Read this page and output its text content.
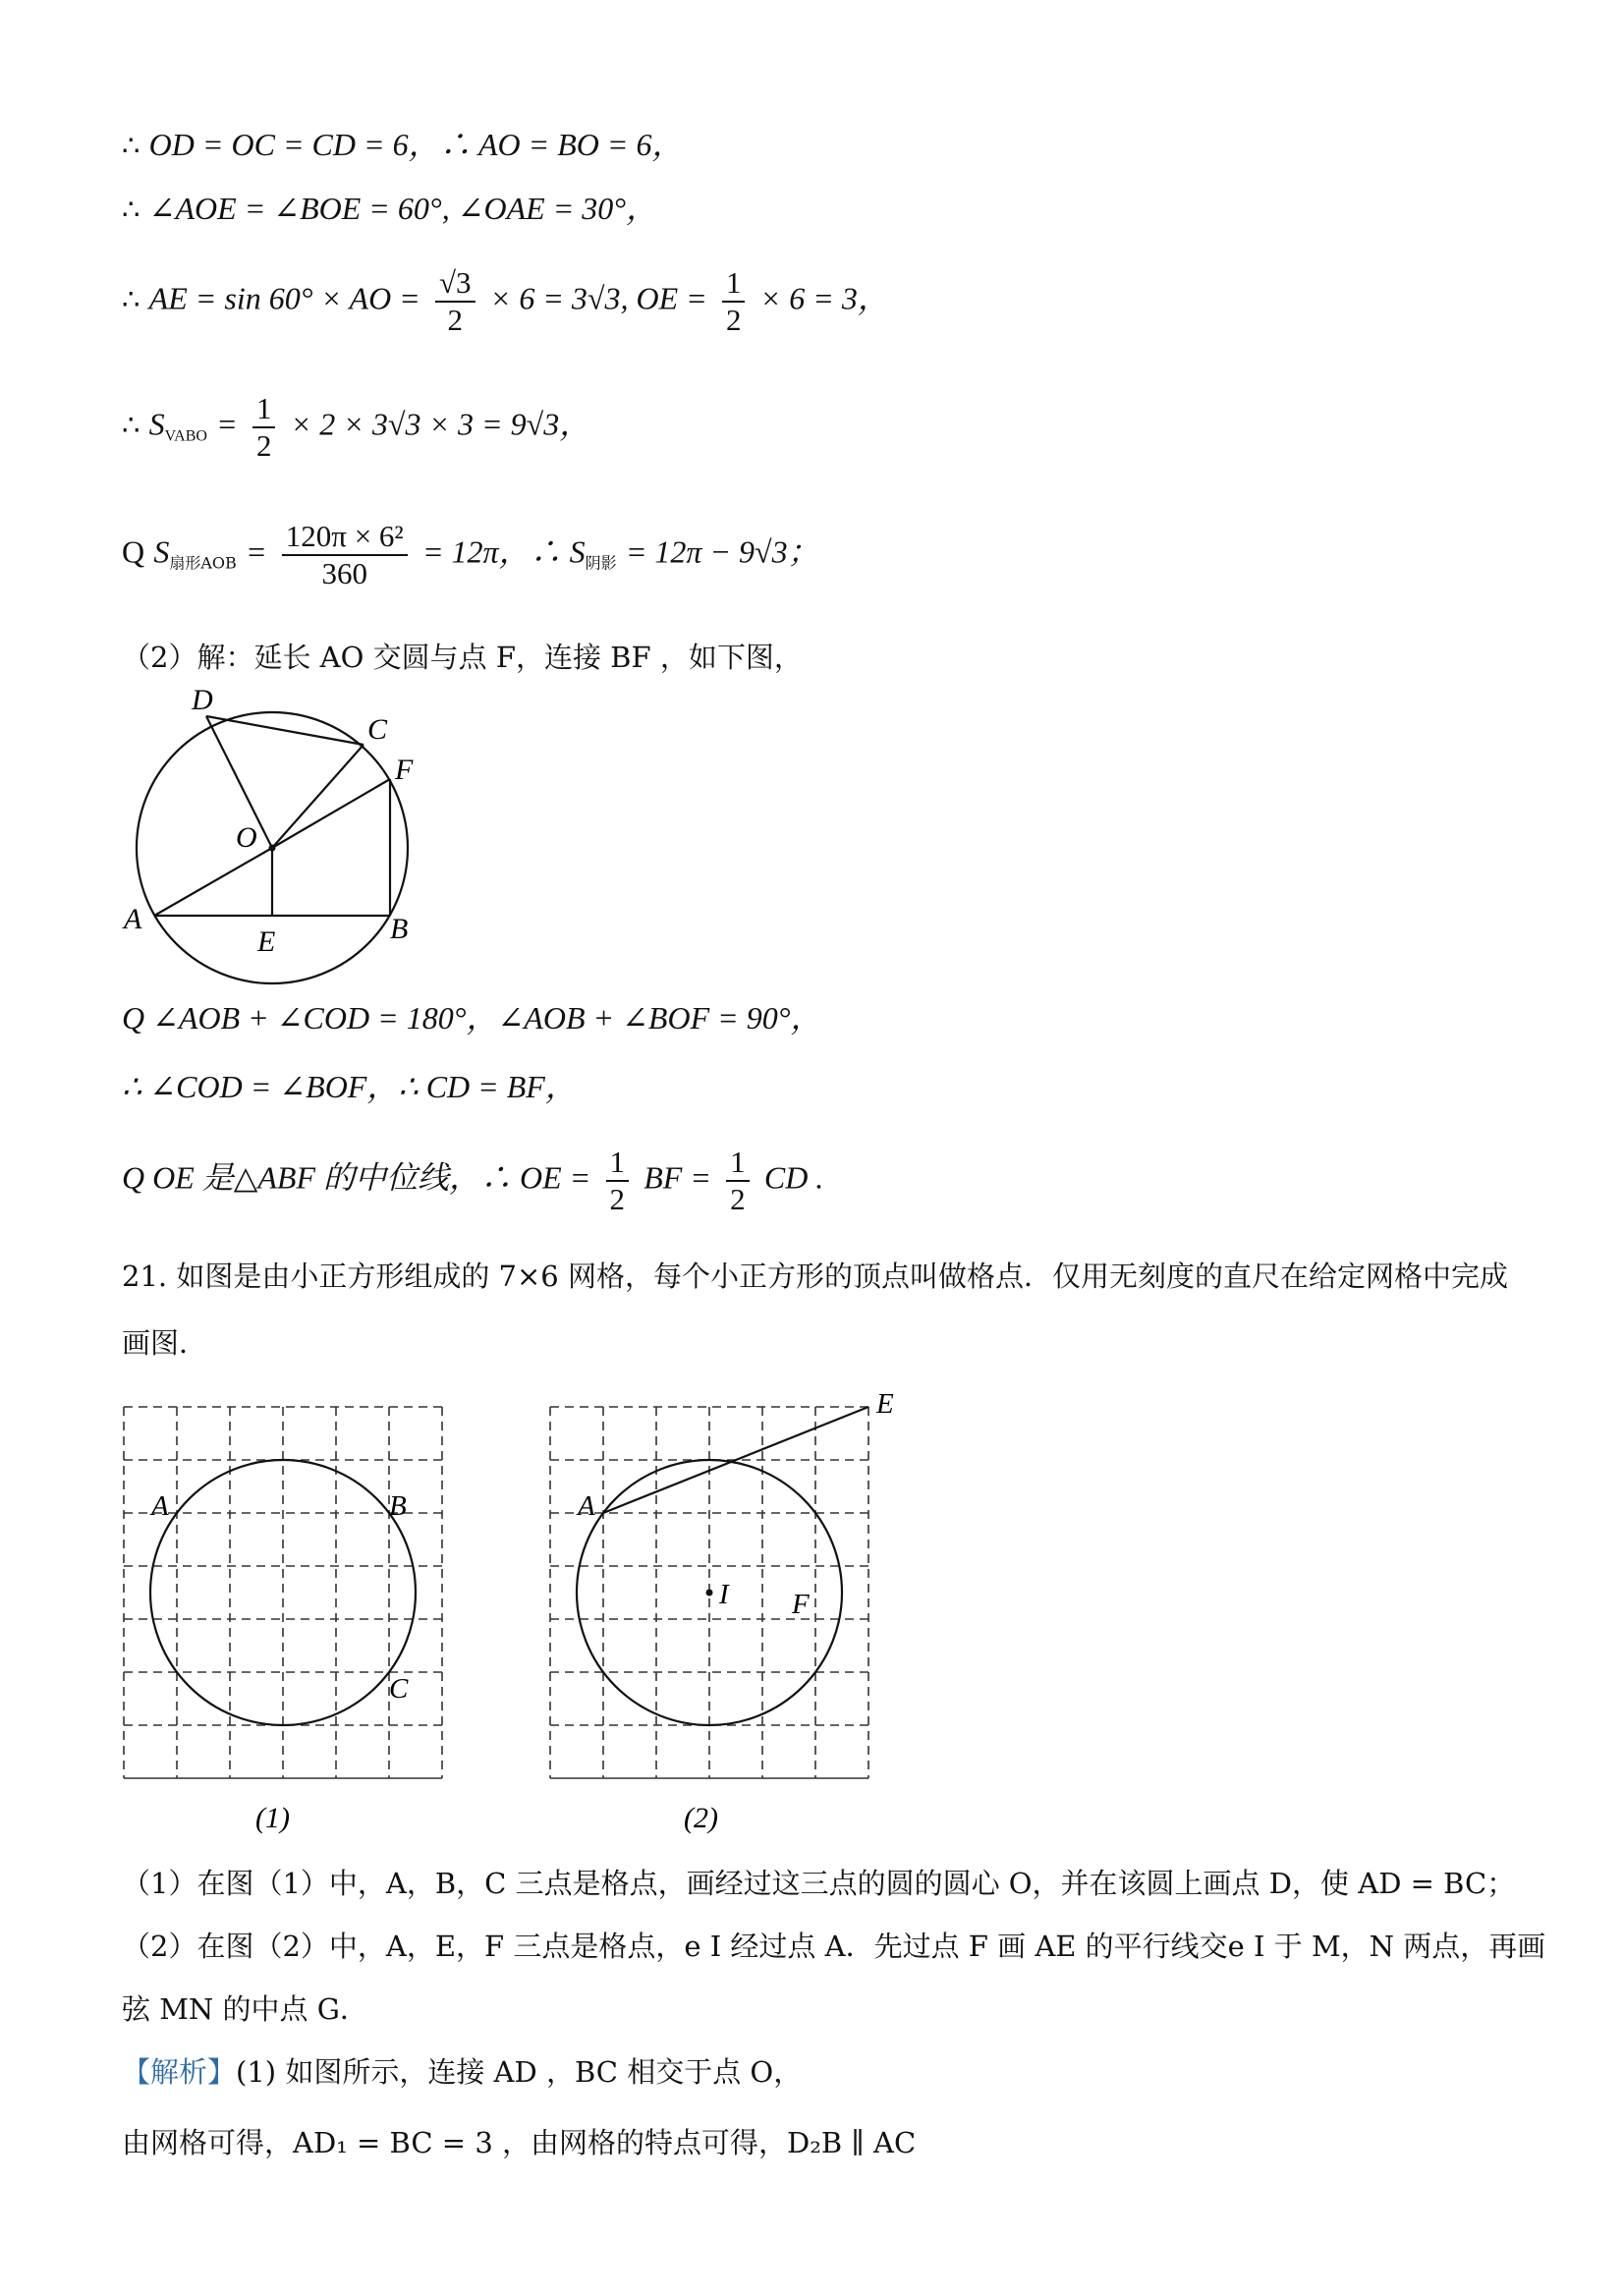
∴ OD = OC = CD = 6，∴ AO = BO = 6，
∴ ∠AOE = ∠BOE = 60°, ∠OAE = 30°，
∴ AE = sin 60° × AO = $\frac{√3}{2} \times 6 = 3√3$, OE = $\frac{1}{2} \times 6 = 3$，
∴ $S_{VABO} = \frac{1}{2} \times 2 \times 3√3 \times 3 = 9√3$，
Q $S_{扇形AOB} = \frac{\text{120π × 6²}}{360} = 12\pi$，∴ $S_{阴影} = 12\pi - 9√3$；
（2）解：延长 AO 交圆与点 F，连接 BF ，如下图，
D
C
F
O
A
E	B
Q ∠AOB + ∠COD = 180°，∠AOB + ∠BOF = 90°，
∴ ∠COD = ∠BOF，∴ CD = BF，
Q OE 是△ABF 的中位线，∴ OE = $\frac{1}{2}$ BF = $\frac{1}{2}$ CD .
21. 如图是由小正方形组成的 7×6 网格，每个小正方形的顶点叫做格点．仅用无刻度的直尺在给定网格中完成
画图．
A	B
C
(1)
E
A
I F
(2)
（1）在图（1）中，A，B，C 三点是格点，画经过这三点的圆的圆心 O，并在该圆上画点 D，使 AD = BC；
（2）在图（2）中，A，E，F 三点是格点，e I 经过点 A．先过点 F 画 AE 的平行线交e I 于 M，N 两点，再画
弦 MN 的中点 G．
【解析】(1) 如图所示，连接 AD ，BC 相交于点 O，
由网格可得，AD₁ = BC = 3 ，由网格的特点可得，D₂B ∥ AC
